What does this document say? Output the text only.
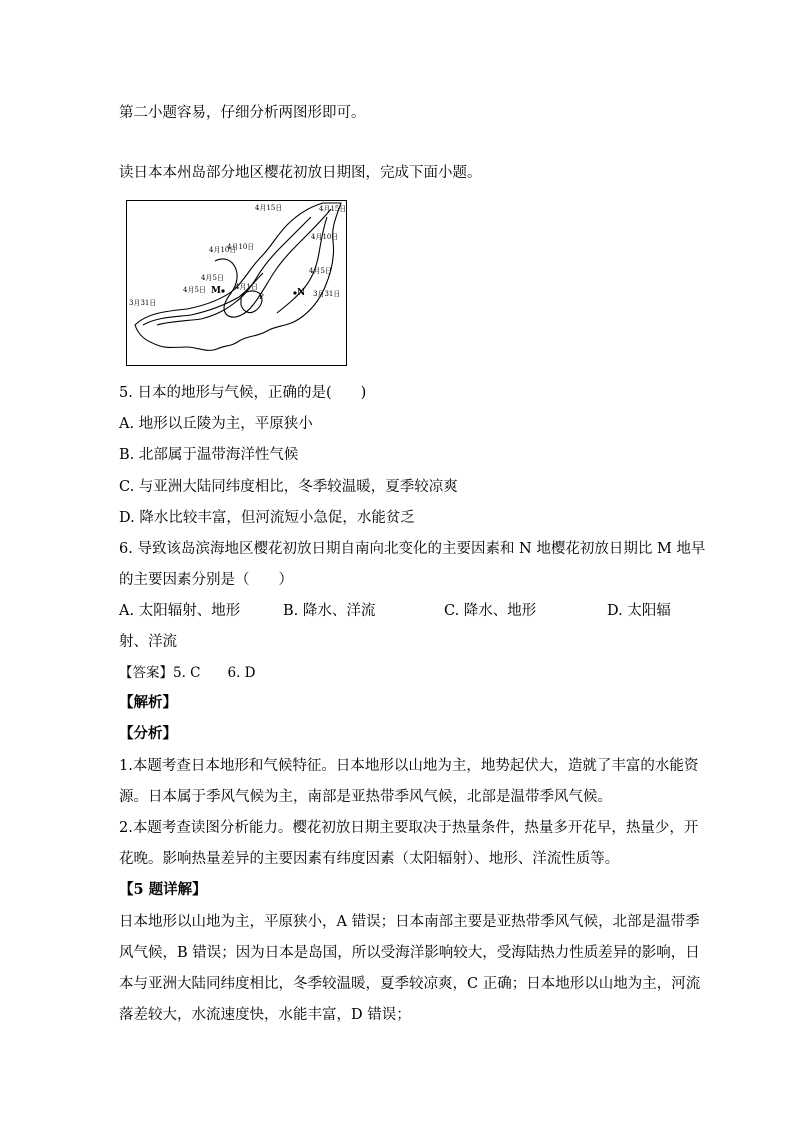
第二小题容易，仔细分析两图形即可。
读日本本州岛部分地区樱花初放日期图，完成下面小题。
4月15日	4月15日
4月10日
4月10日
4月10日
4月5日
4月5日
4月5日	4月1日
3月31日
3月31日
M	N
P
5. 日本的地形与气候，正确的是(　　)
A. 地形以丘陵为主，平原狭小
B. 北部属于温带海洋性气候
C. 与亚洲大陆同纬度相比，冬季较温暖，夏季较凉爽
D. 降水比较丰富，但河流短小急促，水能贫乏
6. 导致该岛滨海地区樱花初放日期自南向北变化的主要因素和 N 地樱花初放日期比 M 地早
的主要因素分别是（　　）
A. 太阳辐射、地形	B. 降水、洋流	C. 降水、地形	D. 太阳辐
射、洋流
【答案】5. C　　6. D
【解析】
【分析】
1.本题考查日本地形和气候特征。日本地形以山地为主，地势起伏大，造就了丰富的水能资
源。日本属于季风气候为主，南部是亚热带季风气候，北部是温带季风气候。
2.本题考查读图分析能力。樱花初放日期主要取决于热量条件，热量多开花早，热量少，开
花晚。影响热量差异的主要因素有纬度因素（太阳辐射）、地形、洋流性质等。
【5 题详解】
日本地形以山地为主，平原狭小，A 错误；日本南部主要是亚热带季风气候，北部是温带季
风气候，B 错误；因为日本是岛国，所以受海洋影响较大，受海陆热力性质差异的影响，日
本与亚洲大陆同纬度相比，冬季较温暖，夏季较凉爽，C 正确；日本地形以山地为主，河流
落差较大，水流速度快，水能丰富，D 错误；
